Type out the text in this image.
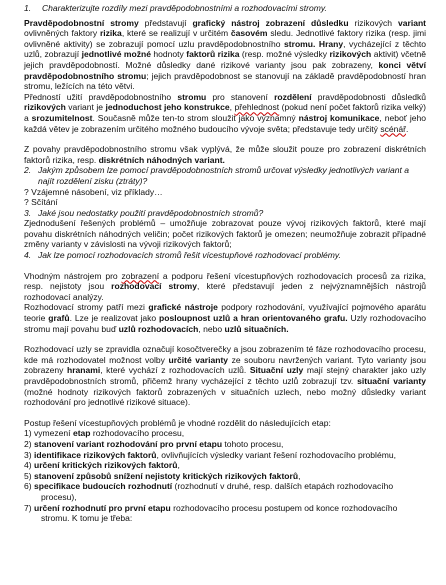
1. Charakterizujte rozdíly mezi pravděpodobnostními a rozhodovacími stromy.

Pravděpodobnostní stromy představují grafický nástroj zobrazení důsledku rizikových variant ovlivněných faktory rizika, které se realizují v určitém časovém sledu. Jednotlivé faktory rizika (resp. jimi ovlivněné aktivity) se zobrazují pomocí uzlu pravděpodobnostního stromu. Hrany, vycházející z těchto uzlů, zobrazují jednotlivé možné hodnoty faktorů rizika (resp. možné výsledky rizikových aktivit) včetně jejich pravděpodobností. Možné důsledky dané rizikové varianty jsou pak zobrazeny, konci větví pravděpodobnostního stromu; jejich pravděpodobnost se stanovují na základě pravděpodobností hran stromu, ležících na této větvi.

Předností užití pravděpodobnostního stromu pro stanovení rozdělení pravděpodobnosti důsledků rizikových variant je jednoduchost jeho konstrukce, přehlednost (pokud není počet faktorů rizika velký) a srozumitelnost. Současně může ten-to strom sloužit jako významný nástroj komunikace, neboť jeho každá větev je zobrazením určitého možného budoucího vývoje světa; představuje tedy určitý scénář.

Z povahy pravděpodobnostního stromu však vyplývá, že může sloužit pouze pro zobrazení diskrétních faktorů rizika, resp. diskrétních náhodných variant.

2. Jakým způsobem lze pomocí pravděpodobnostních stromů určovat výsledky jednotlivých variant a
najít rozdělení zisku (ztráty)?

? Vzájemné násobení, viz příklady…

? Sčítání

3. Jaké jsou nedostatky použití pravděpodobnostních stromů?

Zjednodušení řešených problémů – umožňuje zobrazovat pouze vývoj rizikových faktorů, které mají povahu diskrétních náhodných veličin; počet rizikových faktorů je omezen; neumožňuje zobrazit případné změny varianty v závislosti na vývoji rizikových faktorů;

4. Jak lze pomocí rozhodovacích stromů řešit vícestupňové rozhodovací problémy.

Vhodným nástrojem pro zobrazení a podporu řešení vícestupňových rozhodovacích procesů za rizika, resp. nejistoty jsou rozhodovací stromy, které představují jeden z nejvýznamnějších nástrojů rozhodovací analýzy.

Rozhodovací stromy patří mezi grafické nástroje podpory rozhodování, využívající pojmového aparátu teorie grafů. Lze je realizovat jako posloupnost uzlů a hran orientovaného grafu. Uzly rozhodovacího stromu mají povahu buď uzlů rozhodovacích, nebo uzlů situačních.

Rozhodovací uzly se zpravidla označují kosočtverečky a jsou zobrazením té fáze rozhodovacího procesu, kde má rozhodovatel možnost volby určité varianty ze souboru navržených variant. Tyto varianty jsou zobrazeny hranami, které vychází z rozhodovacích uzlů. Situační uzly mají stejný charakter jako uzly pravděpodobnostních stromů, přičemž hrany vycházející z těchto uzlů zobrazují tzv. situační varianty (možné hodnoty rizikových faktorů zobrazených v situačních uzlech, nebo možný důsledky variant rozhodování pro jednotlivé rizikové situace).

Postup řešení vícestupňových problémů je vhodné rozdělit do následujících etap:

1) vymezení etap rozhodovacího procesu,

2) stanovení variant rozhodování pro první etapu tohoto procesu,

3) identifikace rizikových faktorů, ovlivňujících výsledky variant řešení rozhodovacího problému,

4) určení kritických rizikových faktorů,

5) stanovení způsobů snížení nejistoty kritických rizikových faktorů,

6) specifikace budoucích rozhodnutí (rozhodnutí v druhé, resp. dalších etapách rozhodovacího
procesu),

7) určení rozhodnutí pro první etapu rozhodovacího procesu postupem od konce rozhodovacího
stromu. K tomu je třeba:
